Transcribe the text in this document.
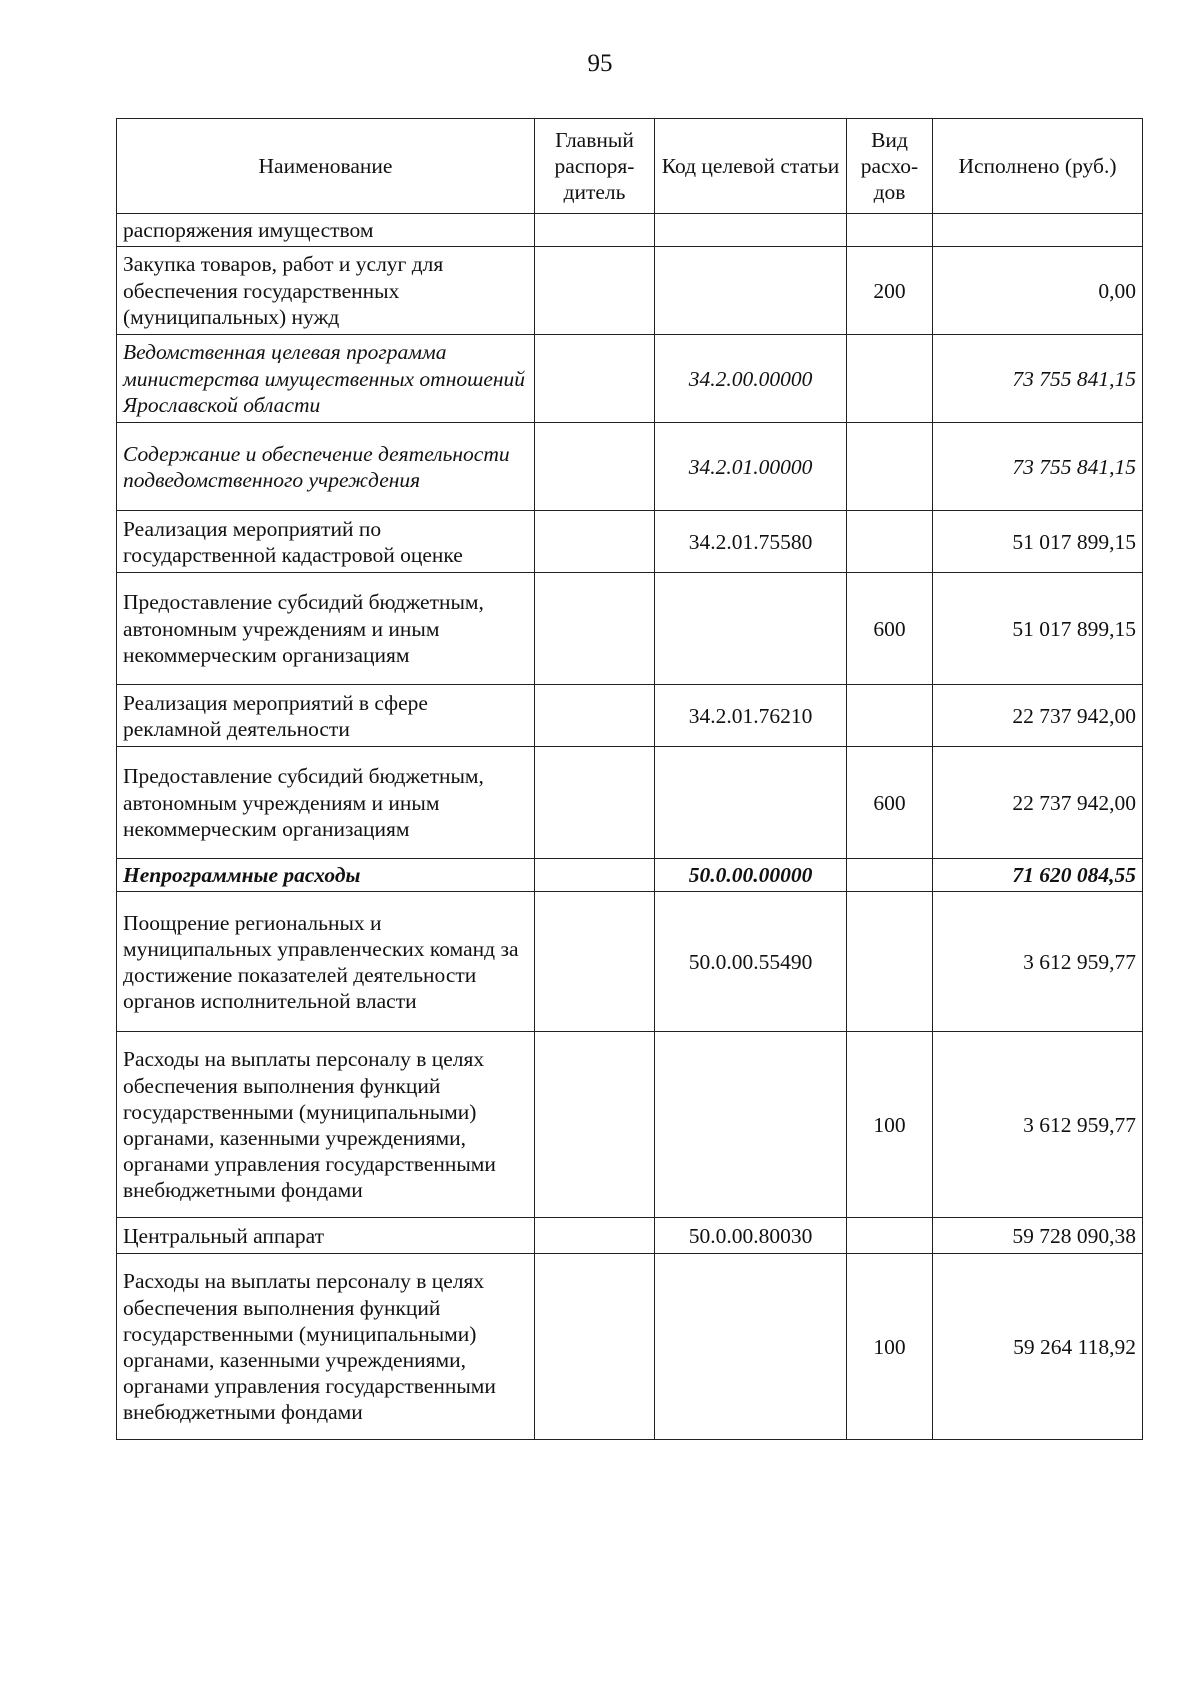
95
Наименование	Главный распоря-дитель	Код целевой статьи	Вид расхо-дов	Исполнено (руб.)
распоряжения имуществом				
Закупка товаров, работ и услуг для обеспечения государственных (муниципальных) нужд			200	0,00
Ведомственная целевая программа министерства имущественных отношений Ярославской области		34.2.00.00000		73 755 841,15
Содержание и обеспечение деятельности подведомственного учреждения		34.2.01.00000		73 755 841,15
Реализация мероприятий по государственной кадастровой оценке		34.2.01.75580		51 017 899,15
Предоставление субсидий бюджетным, автономным учреждениям и иным некоммерческим организациям			600	51 017 899,15
Реализация мероприятий в сфере рекламной деятельности		34.2.01.76210		22 737 942,00
Предоставление субсидий бюджетным, автономным учреждениям и иным некоммерческим организациям			600	22 737 942,00
Непрограммные расходы		50.0.00.00000		71 620 084,55
Поощрение региональных и муниципальных управленческих команд за достижение показателей деятельности органов исполнительной власти		50.0.00.55490		3 612 959,77
Расходы на выплаты персоналу в целях обеспечения выполнения функций государственными (муниципальными) органами, казенными учреждениями, органами управления государственными внебюджетными фондами			100	3 612 959,77
Центральный аппарат		50.0.00.80030		59 728 090,38
Расходы на выплаты персоналу в целях обеспечения выполнения функций государственными (муниципальными) органами, казенными учреждениями, органами управления государственными внебюджетными фондами			100	59 264 118,92
